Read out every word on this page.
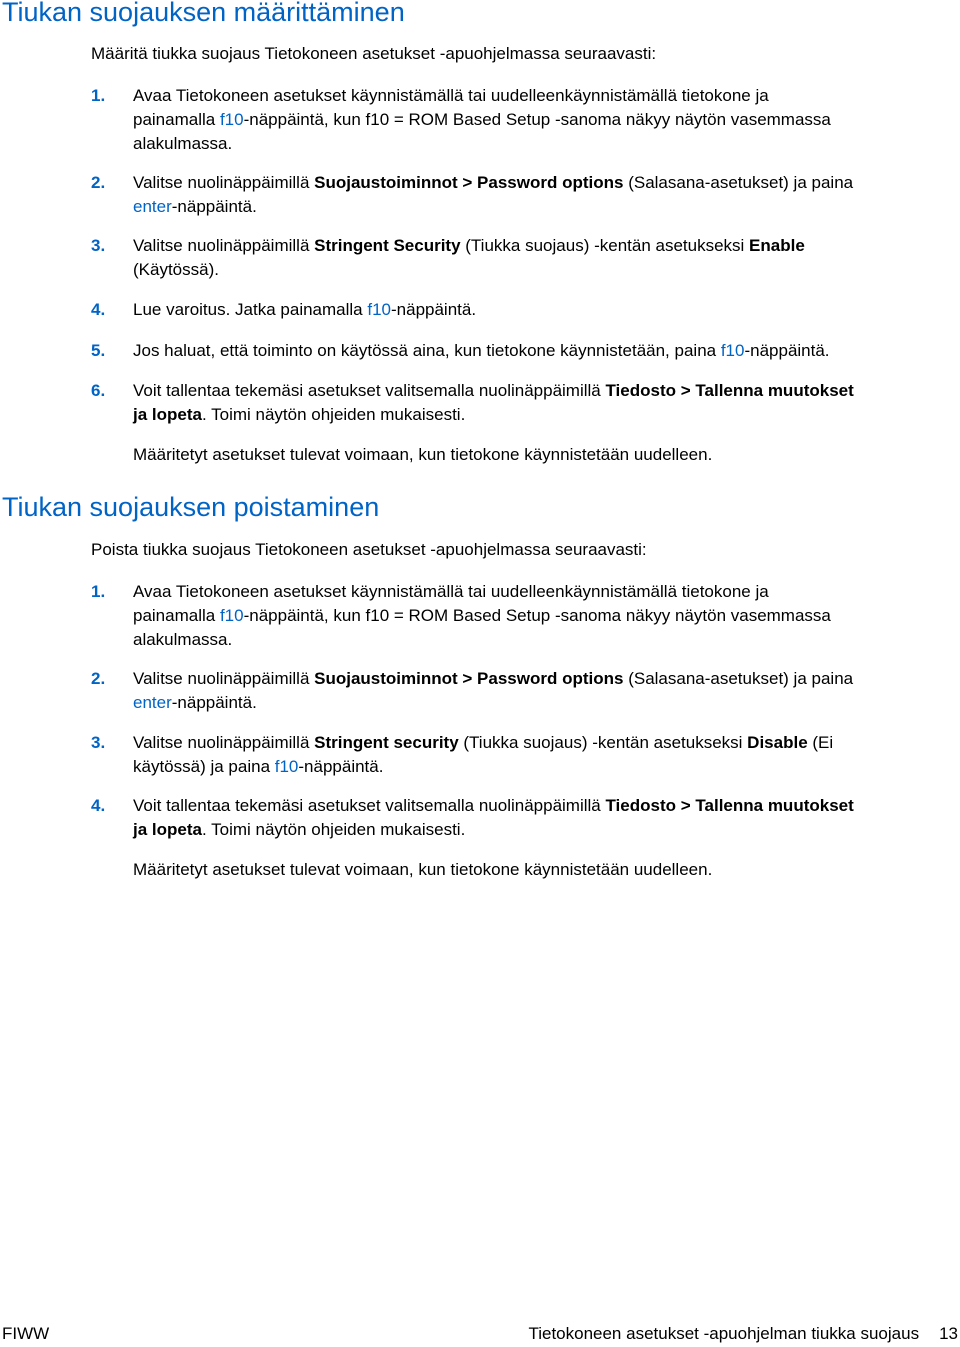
Tiukan suojauksen määrittäminen

Määritä tiukka suojaus Tietokoneen asetukset -apuohjelmassa seuraavasti:

1. Avaa Tietokoneen asetukset käynnistämällä tai uudelleenkäynnistämällä tietokone ja
painamalla f10-näppäintä, kun f10 = ROM Based Setup -sanoma näkyy näytön vasemmassa
alakulmassa.
2. Valitse nuolinäppäimillä Suojaustoiminnot > Password options (Salasana-asetukset) ja paina
enter-näppäintä.
3. Valitse nuolinäppäimillä Stringent Security (Tiukka suojaus) -kentän asetukseksi Enable
(Käytössä).
4. Lue varoitus. Jatka painamalla f10-näppäintä.
5. Jos haluat, että toiminto on käytössä aina, kun tietokone käynnistetään, paina f10-näppäintä.
6. Voit tallentaa tekemäsi asetukset valitsemalla nuolinäppäimillä Tiedosto > Tallenna muutokset
ja lopeta. Toimi näytön ohjeiden mukaisesti.

Määritetyt asetukset tulevat voimaan, kun tietokone käynnistetään uudelleen.

Tiukan suojauksen poistaminen

Poista tiukka suojaus Tietokoneen asetukset -apuohjelmassa seuraavasti:

1. Avaa Tietokoneen asetukset käynnistämällä tai uudelleenkäynnistämällä tietokone ja
painamalla f10-näppäintä, kun f10 = ROM Based Setup -sanoma näkyy näytön vasemmassa
alakulmassa.
2. Valitse nuolinäppäimillä Suojaustoiminnot > Password options (Salasana-asetukset) ja paina
enter-näppäintä.
3. Valitse nuolinäppäimillä Stringent security (Tiukka suojaus) -kentän asetukseksi Disable (Ei
käytössä) ja paina f10-näppäintä.
4. Voit tallentaa tekemäsi asetukset valitsemalla nuolinäppäimillä Tiedosto > Tallenna muutokset
ja lopeta. Toimi näytön ohjeiden mukaisesti.

Määritetyt asetukset tulevat voimaan, kun tietokone käynnistetään uudelleen.

FIWW	Tietokoneen asetukset -apuohjelman tiukka suojaus 13
